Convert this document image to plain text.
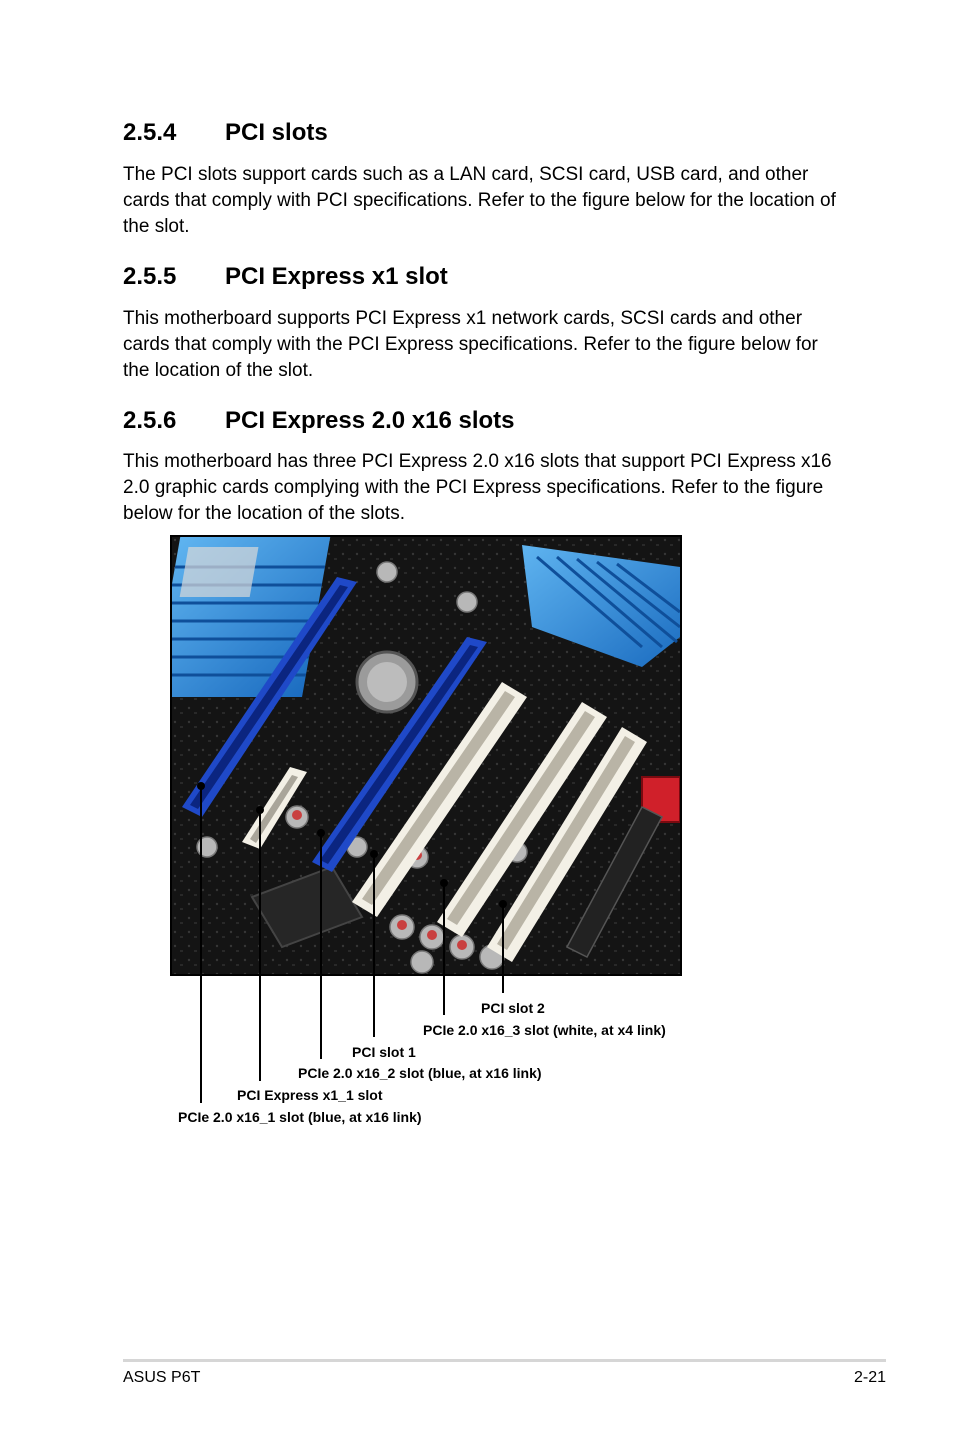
2.5.4 PCI slots

The PCI slots support cards such as a LAN card, SCSI card, USB card, and other cards that comply with PCI specifications. Refer to the figure below for the location of the slot.

2.5.5 PCI Express x1 slot

This motherboard supports PCI Express x1 network cards, SCSI cards and other cards that comply with the PCI Express specifications. Refer to the figure below for the location of the slot.

2.5.6 PCI Express 2.0 x16 slots

This motherboard has three PCI Express 2.0 x16 slots that support PCI Express x16 2.0 graphic cards complying with the PCI Express specifications. Refer to the figure below for the location of the slots.

PCI slot 2
PCIe 2.0 x16_3 slot (white, at x4 link)
PCI slot 1
PCIe 2.0 x16_2 slot (blue, at x16 link)
PCI Express x1_1 slot
PCIe 2.0 x16_1 slot (blue, at x16 link)
ASUS P6T	2-21
